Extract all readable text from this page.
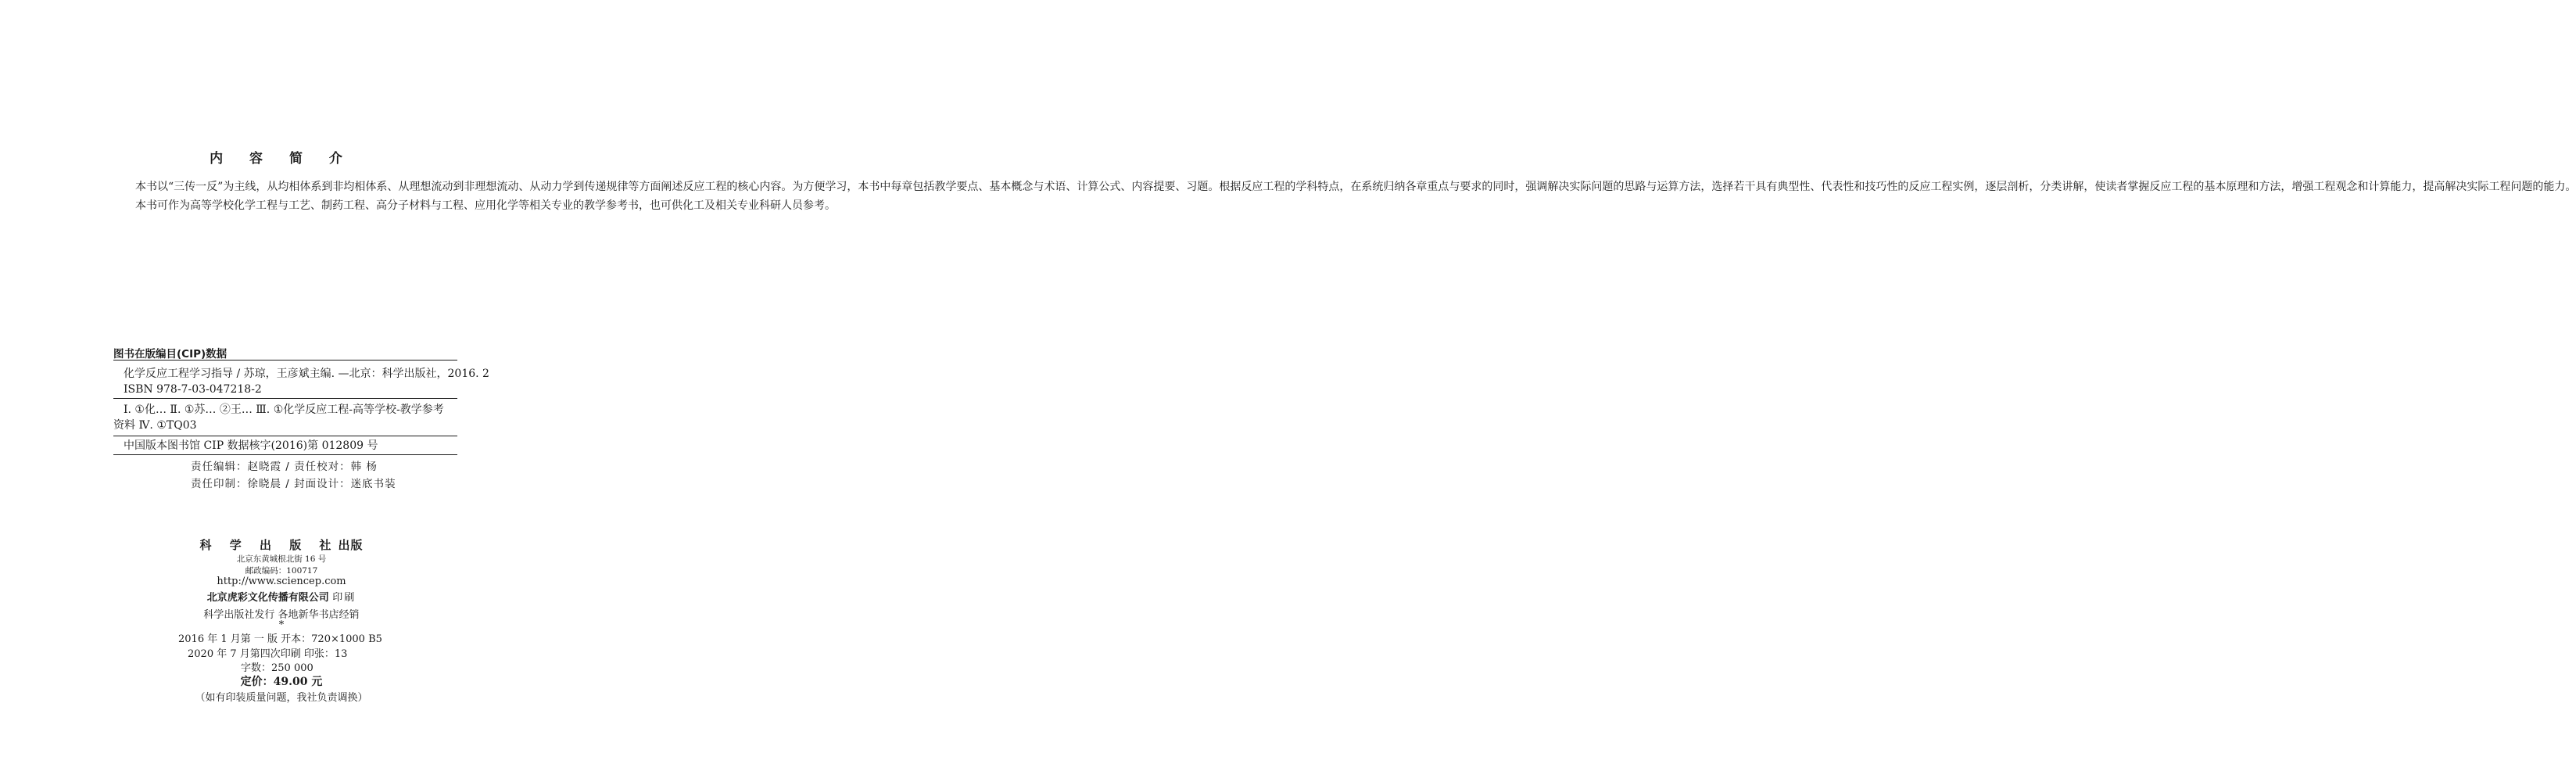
内 容 简 介

本书以“三传一反”为主线，从均相体系到非均相体系、从理想流动到非理想流动、从动力学到传递规律等方面阐述反应工程的核心内容。为方便学习，本书中每章包括教学要点、基本概念与术语、计算公式、内容提要、习题。根据反应工程的学科特点，在系统归纳各章重点与要求的同时，强调解决实际问题的思路与运算方法，选择若干具有典型性、代表性和技巧性的反应工程实例，逐层剖析，分类讲解，使读者掌握反应工程的基本原理和方法，增强工程观念和计算能力，提高解决实际工程问题的能力。

本书可作为高等学校化学工程与工艺、制药工程、高分子材料与工程、应用化学等相关专业的教学参考书，也可供化工及相关专业科研人员参考。

图书在版编目(CIP)数据
化学反应工程学习指导 / 苏琼，王彦斌主编. —北京：科学出版社，2016. 2
ISBN 978-7-03-047218-2
Ⅰ. ①化… Ⅱ. ①苏… ②王… Ⅲ. ①化学反应工程-高等学校-教学参考
资料 Ⅳ. ①TQ03
中国版本图书馆 CIP 数据核字(2016)第 012809 号
责任编辑：赵晓霞 / 责任校对：韩 杨
责任印制：徐晓晨 / 封面设计：迷底书装
科 学 出 版 社出版
北京东黄城根北街 16 号
邮政编码：100717
http://www.sciencep.com
北京虎彩文化传播有限公司 印刷
科学出版社发行 各地新华书店经销
*
2016 年 1 月第 一 版 开本：720×1000 B5
2020 年 7 月第四次印刷 印张：13
字数：250 000
定价：49.00 元
（如有印装质量问题，我社负责调换）
